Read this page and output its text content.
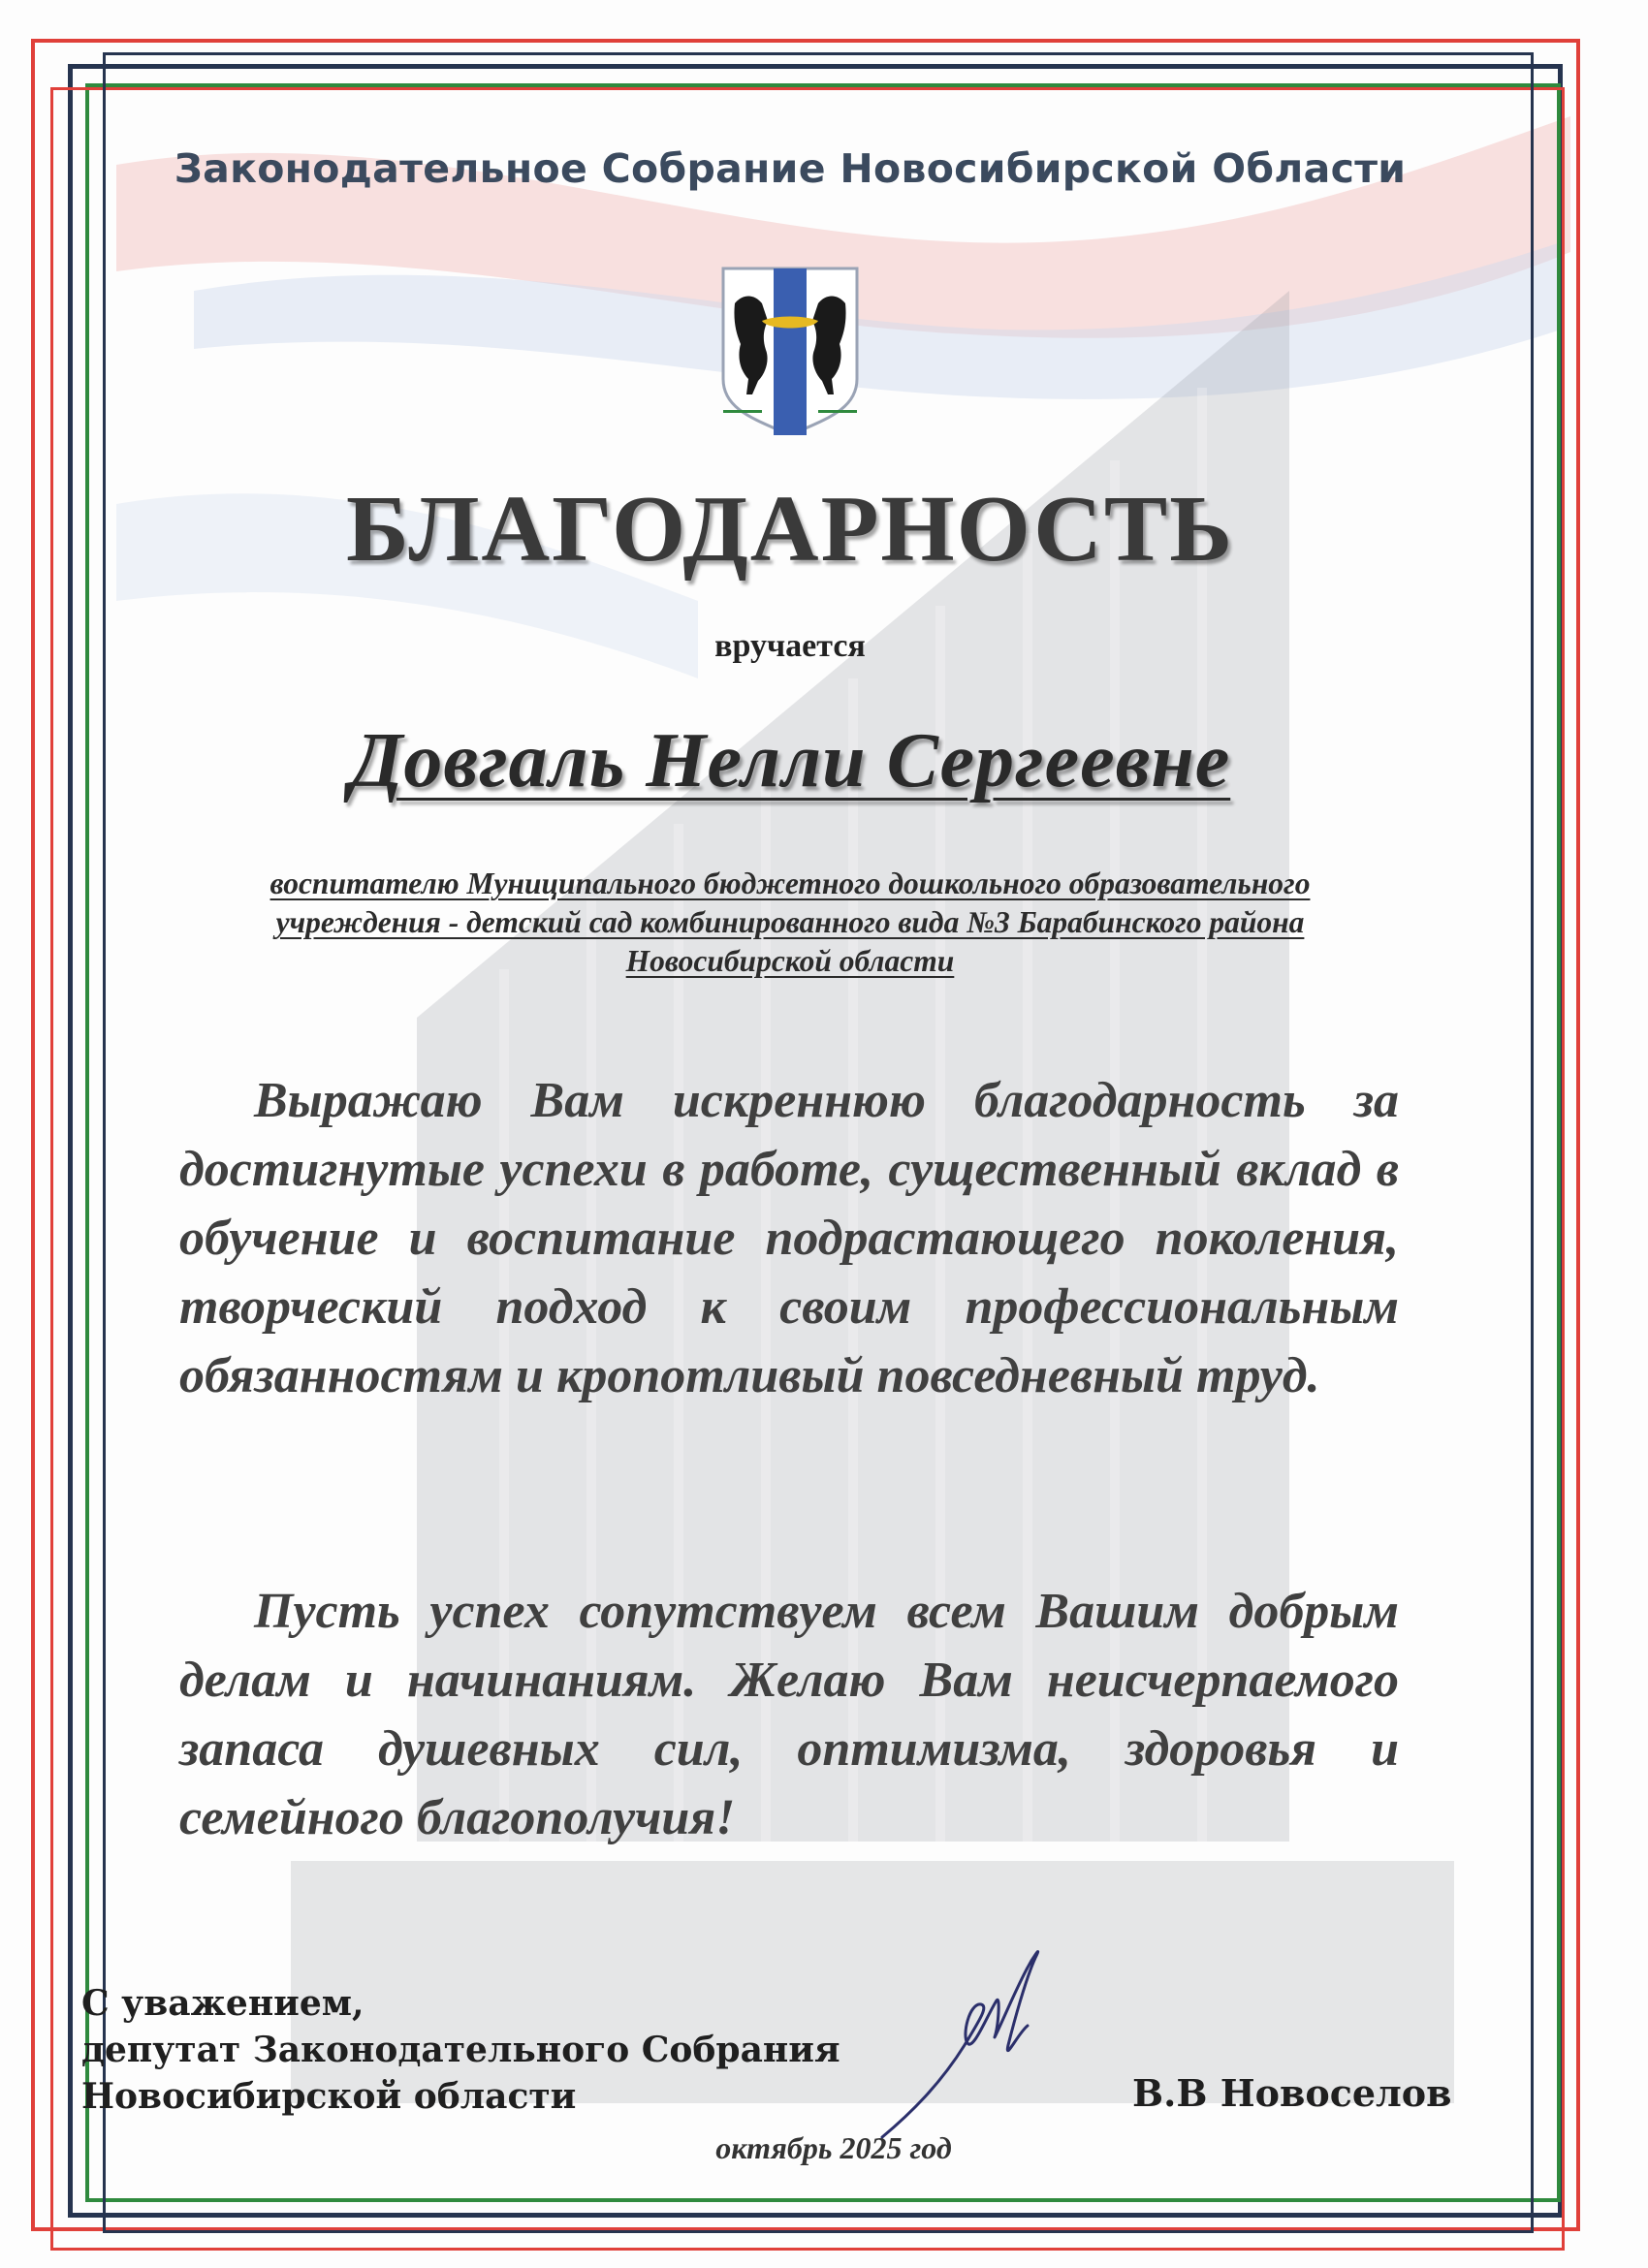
Законодательное Собрание Новосибирской Области
БЛАГОДАРНОСТЬ
вручается
Довгаль Нелли Сергеевне
воспитателю Муниципального бюджетного дошкольного образовательного
учреждения - детский сад комбинированного вида №3 Барабинского района
Новосибирской области
Выражаю Вам искреннюю благодарность за достигнутые успехи в работе, существенный вклад в обучение и воспитание подрастающего поколения, творческий подход к своим профессиональным обязанностям и кропотливый повседневный труд.
Пусть успех сопутствуем всем Вашим добрым делам и начинаниям. Желаю Вам неисчерпаемого запаса душевных сил, оптимизма, здоровья и семейного благополучия!
С уважением,
депутат Законодательного Собрания
Новосибирской области	В.В Новоселов
октябрь 2025 год
